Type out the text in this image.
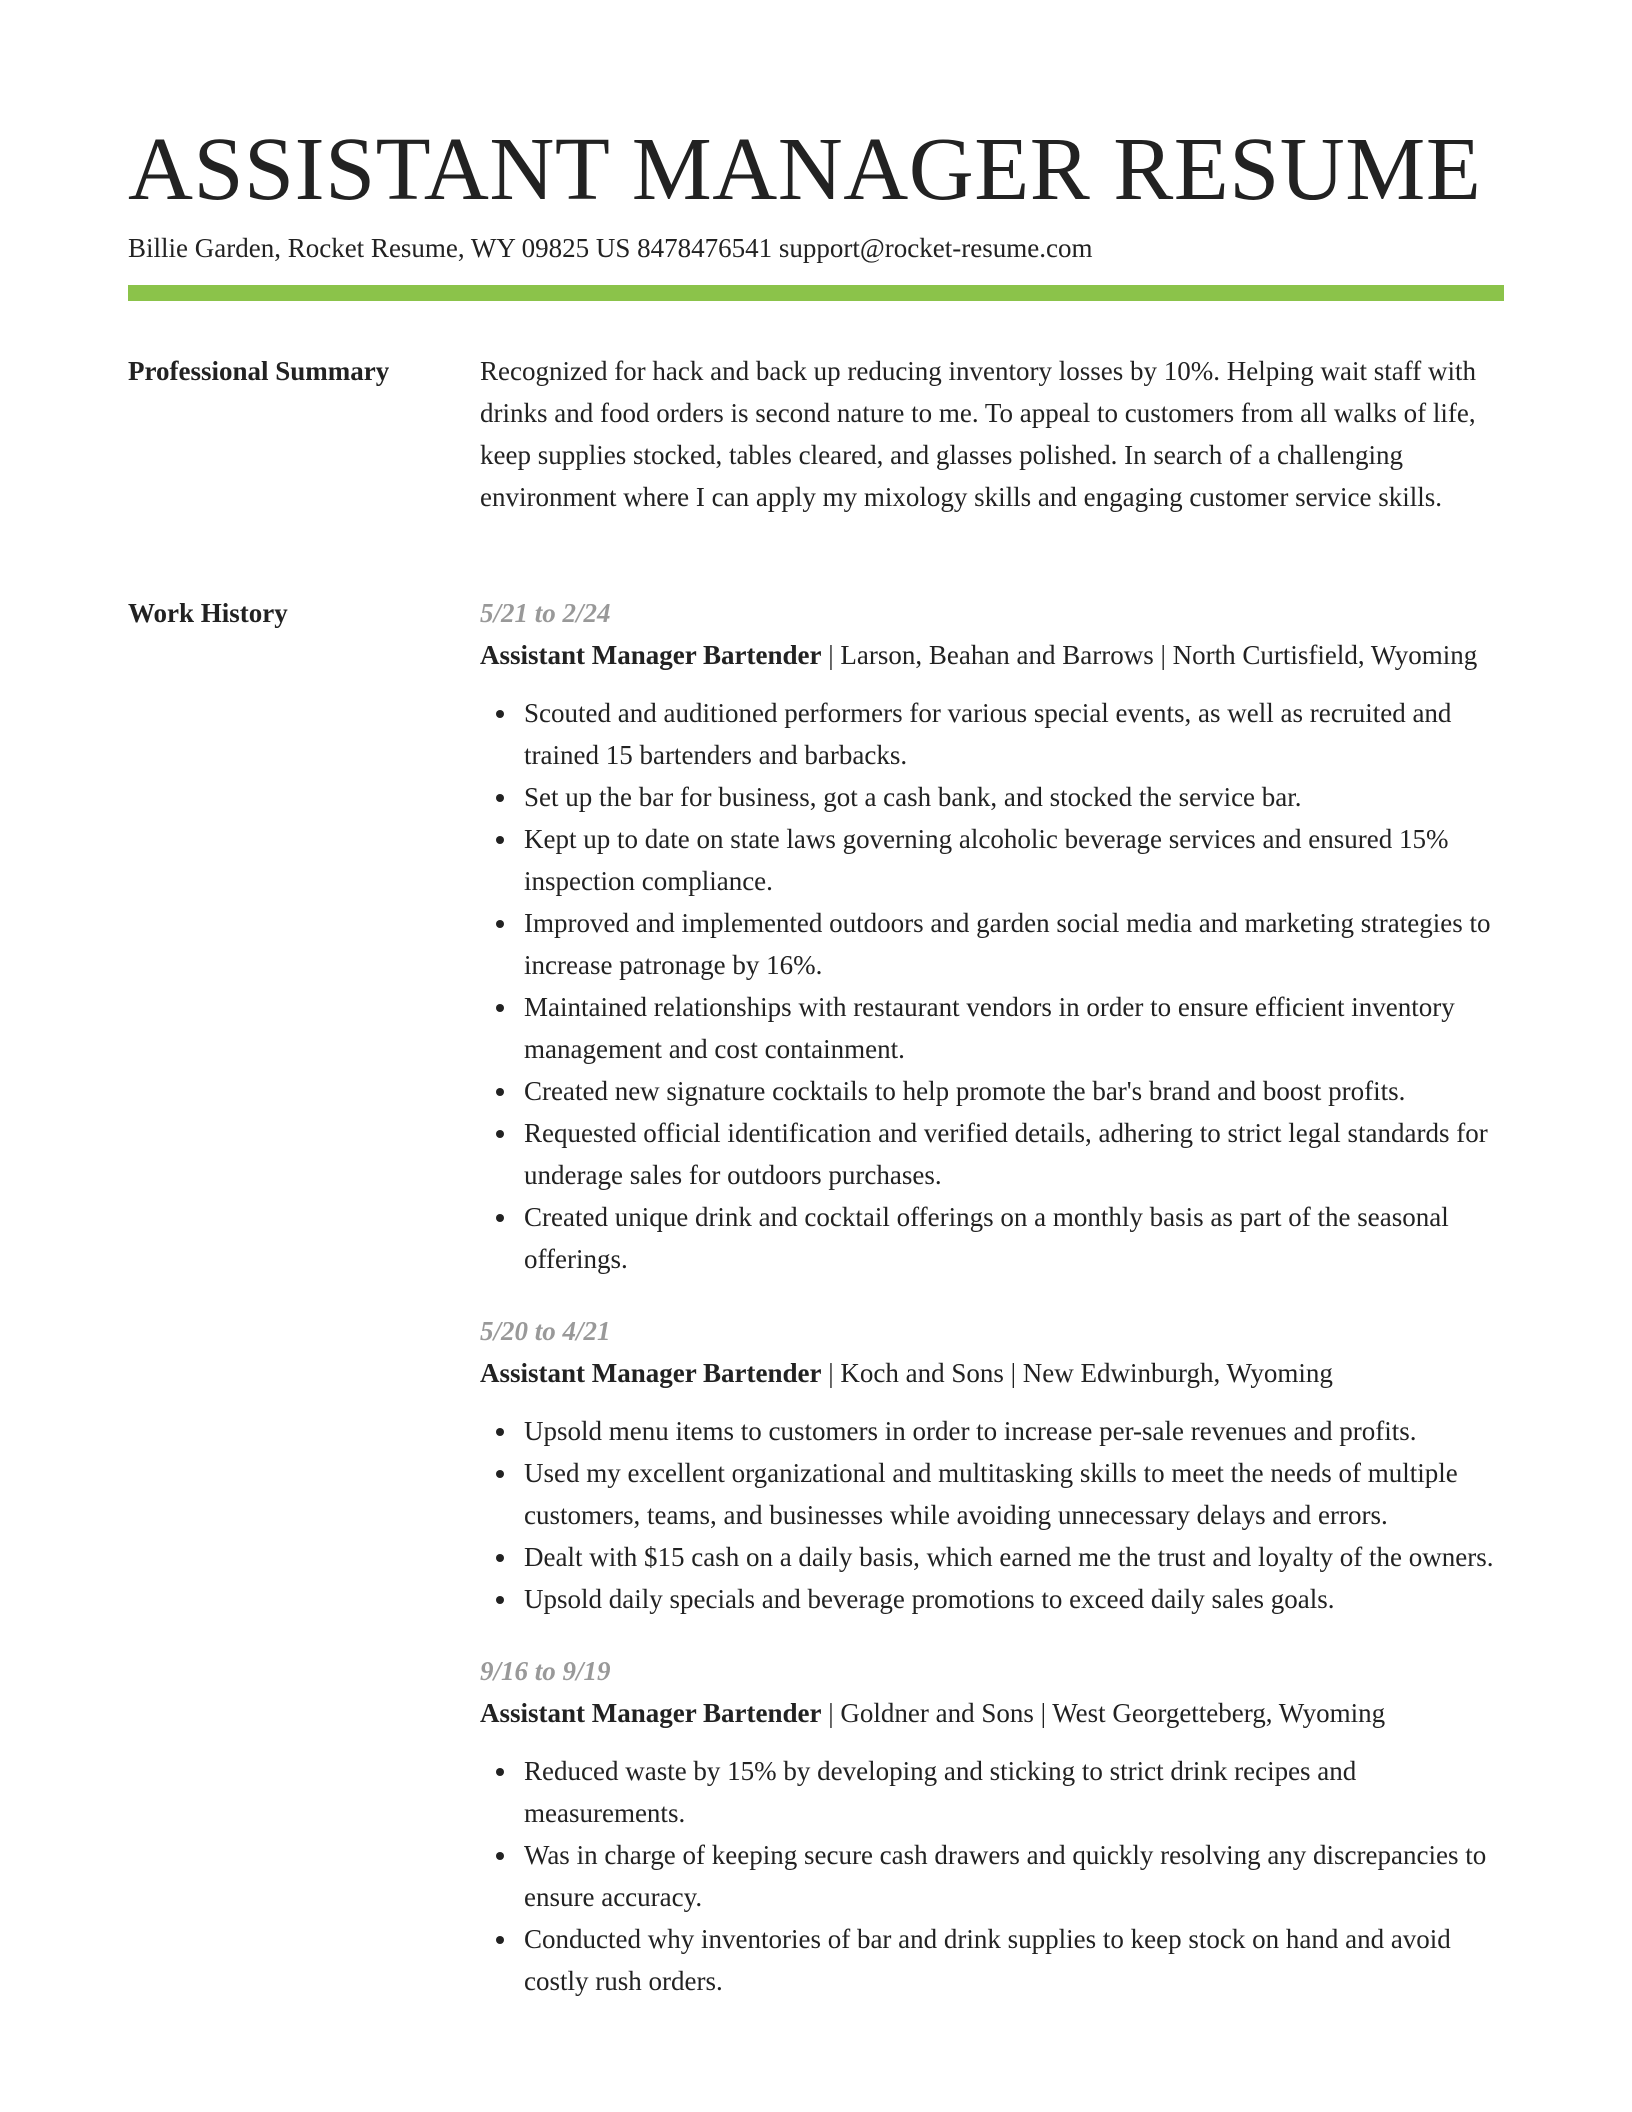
ASSISTANT MANAGER RESUME
Billie Garden, Rocket Resume, WY 09825 US 8478476541 support@rocket-resume.com
Professional Summary	Recognized for hack and back up reducing inventory losses by 10%. Helping wait staff with drinks and food orders is second nature to me. To appeal to customers from all walks of life, keep supplies stocked, tables cleared, and glasses polished. In search of a challenging environment where I can apply my mixology skills and engaging customer service skills.

Work History	5/21 to 2/24
Assistant Manager Bartender | Larson, Beahan and Barrows | North Curtisfield, Wyoming
Scouted and auditioned performers for various special events, as well as recruited and trained 15 bartenders and barbacks.
Set up the bar for business, got a cash bank, and stocked the service bar.
Kept up to date on state laws governing alcoholic beverage services and ensured 15% inspection compliance.
Improved and implemented outdoors and garden social media and marketing strategies to increase patronage by 16%.
Maintained relationships with restaurant vendors in order to ensure efficient inventory management and cost containment.
Created new signature cocktails to help promote the bar's brand and boost profits.
Requested official identification and verified details, adhering to strict legal standards for underage sales for outdoors purchases.
Created unique drink and cocktail offerings on a monthly basis as part of the seasonal offerings.
5/20 to 4/21
Assistant Manager Bartender | Koch and Sons | New Edwinburgh, Wyoming
Upsold menu items to customers in order to increase per-sale revenues and profits.
Used my excellent organizational and multitasking skills to meet the needs of multiple customers, teams, and businesses while avoiding unnecessary delays and errors.
Dealt with $15 cash on a daily basis, which earned me the trust and loyalty of the owners.
Upsold daily specials and beverage promotions to exceed daily sales goals.
9/16 to 9/19
Assistant Manager Bartender | Goldner and Sons | West Georgetteberg, Wyoming
Reduced waste by 15% by developing and sticking to strict drink recipes and measurements.
Was in charge of keeping secure cash drawers and quickly resolving any discrepancies to ensure accuracy.
Conducted why inventories of bar and drink supplies to keep stock on hand and avoid costly rush orders.
